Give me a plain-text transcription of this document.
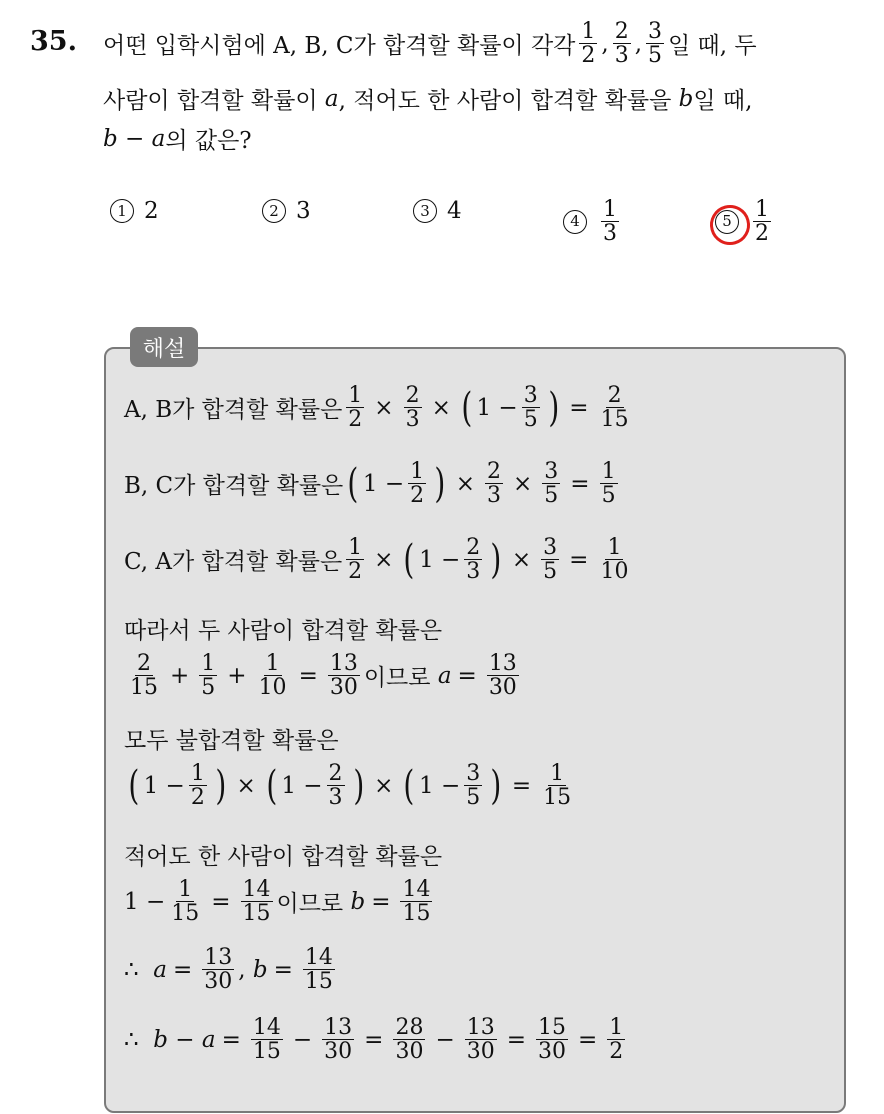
35. 어떤 입학시험에 A, B, C가 합격할 확률이 각각 $\frac{1}{2}$ , $\frac{2}{3}$ , $\frac{3}{5}$ 일 때, 두
사람이 합격할 확률이
a , 적어도 한 사람이 합격할 확률을
b 일 때,
b − a 의 값은?
1 2	2 3	3 4	$4 \frac{1}{3}$	$5 \frac{1}{2}$
해설
A, B가 합격할 확률은 $\frac{1}{2} \times \frac{2}{3}$ × ( $1 - \frac{3}{5}$ ) = $\frac{2}{15}$
B, C가 합격할 확률은 ( $1 - \frac{1}{2}$ ) × $\frac{2}{3} \times \frac{3}{5} = \frac{1}{5}$
C, A가 합격할 확률은 $\frac{1}{2}$ × ( $1 - \frac{2}{3}$ ) × $\frac{3}{5} = \frac{1}{10}$
따라서 두 사람이 합격할 확률은
$\frac{2}{15} + \frac{1}{5} + \frac{1}{10} = \frac{13}{30}$ 이므로
$a = \frac{13}{30}$
모두 불합격할 확률은
( $1 - \frac{1}{2}$ ) × ( $1 - \frac{2}{3}$ ) × ( $1 - \frac{3}{5}$ ) = $\frac{1}{15}$
적어도 한 사람이 합격할 확률은
$1 - \frac{1}{15} = \frac{14}{15}$ 이므로
$b = \frac{14}{15}$
∴
$a = \frac{13}{30}$ , $b = \frac{14}{15}$
∴
$b - a = \frac{14}{15} - \frac{13}{30} = \frac{28}{30} - \frac{13}{30} = \frac{15}{30} = \frac{1}{2}$
